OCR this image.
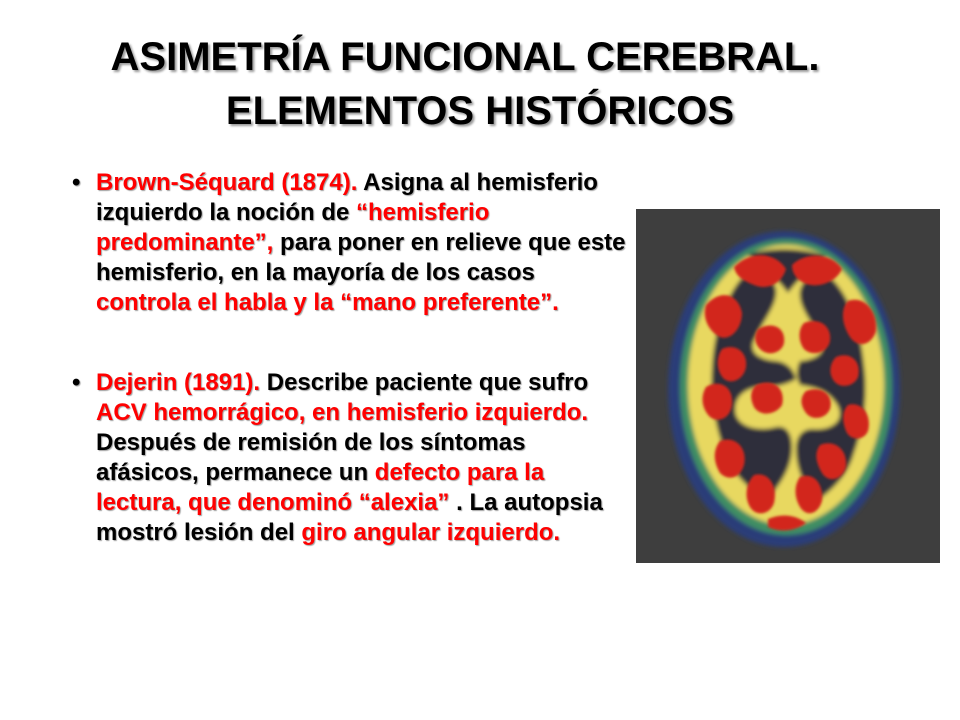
ASIMETRÍA FUNCIONAL CEREBRAL.
ELEMENTOS HISTÓRICOS
• Brown-Séquard (1874). Asigna al hemisferio izquierdo la noción de “hemisferio predominante”, para poner en relieve que este hemisferio, en la mayoría de los casos controla el habla y la “mano preferente”.
• Dejerin (1891). Describe paciente que sufro ACV hemorrágico, en hemisferio izquierdo. Después de remisión de los síntomas afásicos, permanece un defecto para la lectura, que denominó “alexia” . La autopsia mostró lesión del giro angular izquierdo.
